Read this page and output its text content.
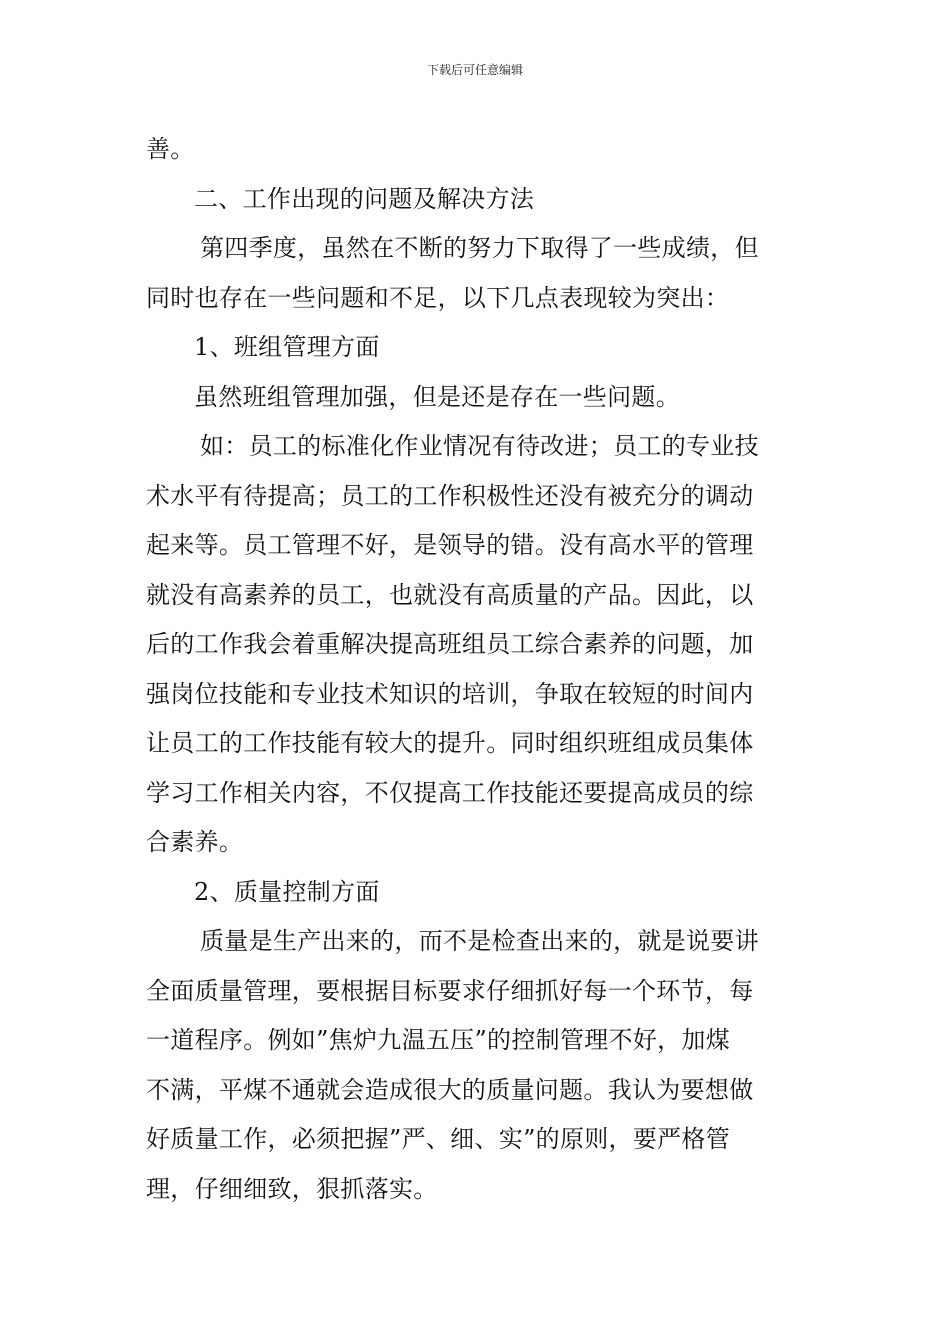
下载后可任意编辑
善。
二、工作出现的问题及解决方法
第四季度，虽然在不断的努力下取得了一些成绩，但
同时也存在一些问题和不足，以下几点表现较为突出：
1、班组管理方面
虽然班组管理加强，但是还是存在一些问题。
如：员工的标准化作业情况有待改进；员工的专业技
术水平有待提高；员工的工作积极性还没有被充分的调动
起来等。员工管理不好，是领导的错。没有高水平的管理
就没有高素养的员工，也就没有高质量的产品。因此，以
后的工作我会着重解决提高班组员工综合素养的问题，加
强岗位技能和专业技术知识的培训，争取在较短的时间内
让员工的工作技能有较大的提升。同时组织班组成员集体
学习工作相关内容，不仅提高工作技能还要提高成员的综
合素养。
2、质量控制方面
质量是生产出来的，而不是检查出来的，就是说要讲
全面质量管理，要根据目标要求仔细抓好每一个环节，每
一道程序。例如”焦炉九温五压”的控制管理不好，加煤
不满，平煤不通就会造成很大的质量问题。我认为要想做
好质量工作，必须把握”严、细、实”的原则，要严格管
理，仔细细致，狠抓落实。
